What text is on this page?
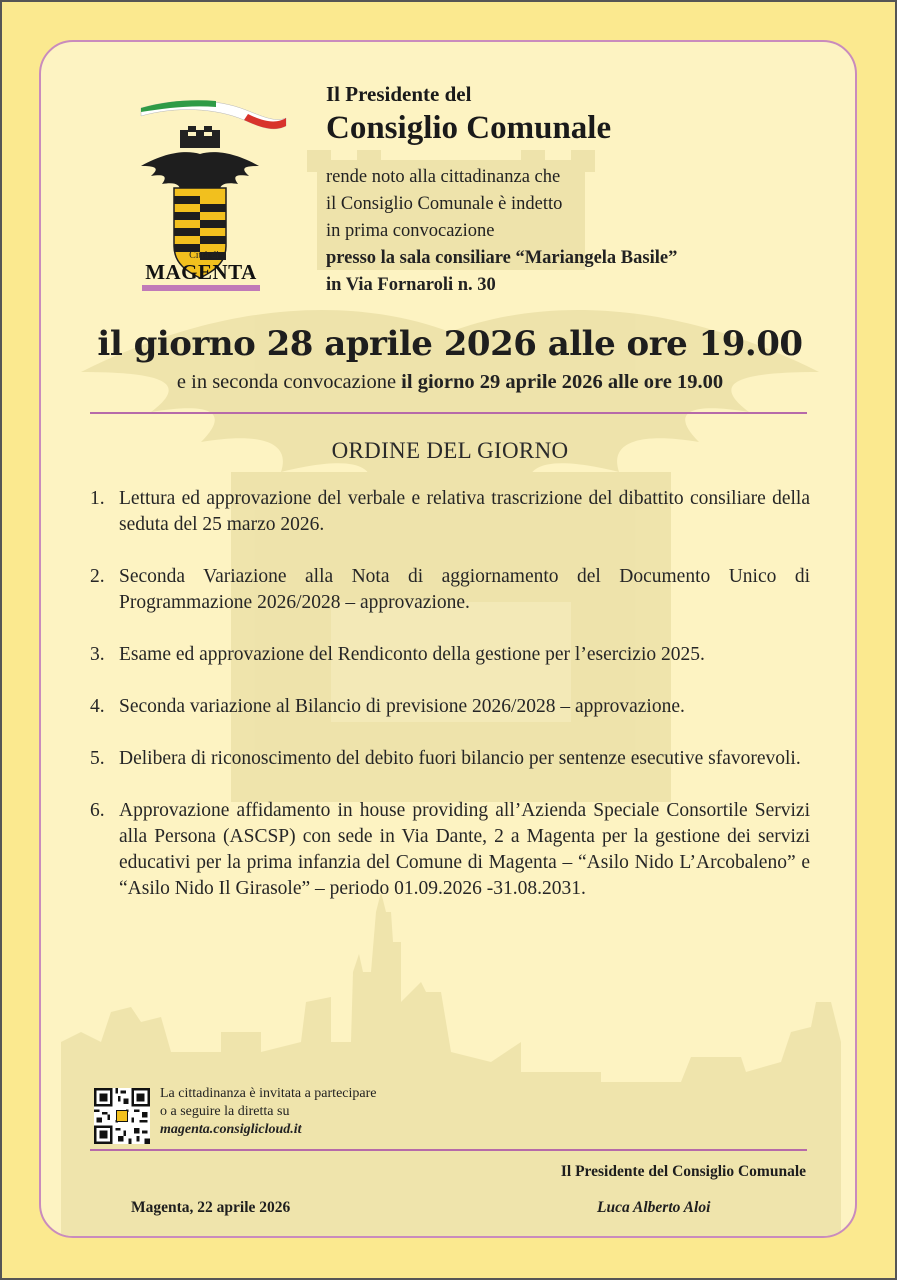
Città di
MAGENTA
Il Presidente del
Consiglio Comunale
rende noto alla cittadinanza che
il Consiglio Comunale è indetto
in prima convocazione
presso la sala consiliare “Mariangela Basile”
in Via Fornaroli n. 30
il giorno 28 aprile 2026 alle ore 19.00
e in seconda convocazione il giorno 29 aprile 2026 alle ore 19.00
ORDINE DEL GIORNO
1. Lettura ed approvazione del verbale e relativa trascrizione del dibattito consiliare della seduta del 25 marzo 2026.
2. Seconda Variazione alla Nota di aggiornamento del Documento Unico di Programmazione 2026/2028 – approvazione.
3. Esame ed approvazione del Rendiconto della gestione per l’esercizio 2025.
4. Seconda variazione al Bilancio di previsione 2026/2028 – approvazione.
5. Delibera di riconoscimento del debito fuori bilancio per sentenze esecutive sfavorevoli.
6. Approvazione affidamento in house providing all’Azienda Speciale Consortile Servizi alla Persona (ASCSP) con sede in Via Dante, 2 a Magenta per la gestione dei servizi educativi per la prima infanzia del Comune di Magenta – “Asilo Nido L’Arcobaleno” e “Asilo Nido Il Girasole” – periodo 01.09.2026 -31.08.2031.
La cittadinanza è invitata a partecipare
o a seguire la diretta su
magenta.consiglicloud.it
Il Presidente del Consiglio Comunale
Magenta, 22 aprile 2026	Luca Alberto Aloi
